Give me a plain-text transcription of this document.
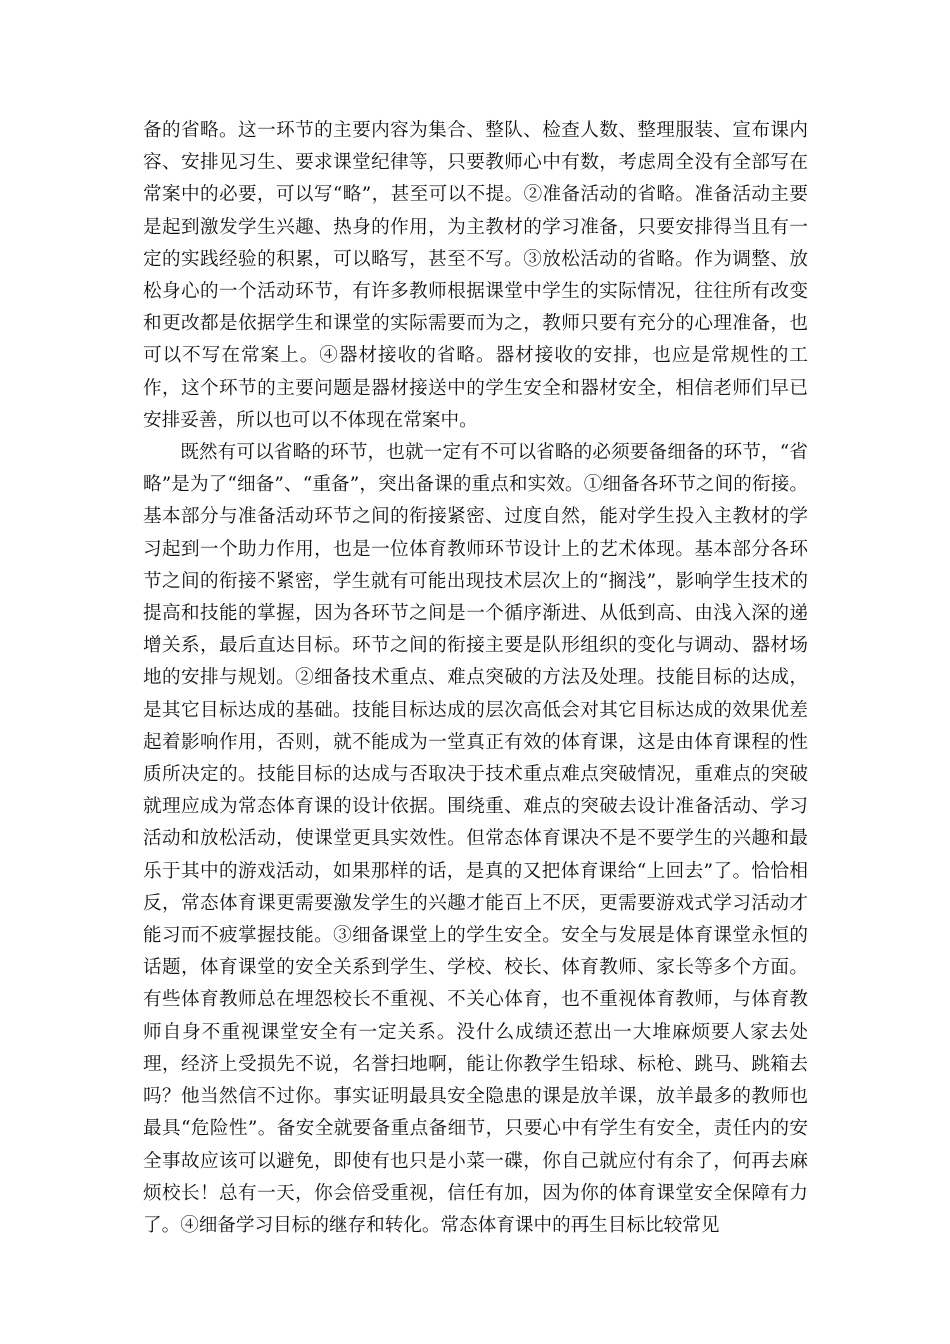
备的省略。这一环节的主要内容为集合、整队、检查人数、整理服装、宣布课内容、安排见习生、要求课堂纪律等，只要教师心中有数，考虑周全没有全部写在常案中的必要，可以写“略”，甚至可以不提。②准备活动的省略。准备活动主要是起到激发学生兴趣、热身的作用，为主教材的学习准备，只要安排得当且有一定的实践经验的积累，可以略写，甚至不写。③放松活动的省略。作为调整、放松身心的一个活动环节，有许多教师根据课堂中学生的实际情况，往往所有改变和更改都是依据学生和课堂的实际需要而为之，教师只要有充分的心理准备，也可以不写在常案上。④器材接收的省略。器材接收的安排，也应是常规性的工作，这个环节的主要问题是器材接送中的学生安全和器材安全，相信老师们早已安排妥善，所以也可以不体现在常案中。

既然有可以省略的环节，也就一定有不可以省略的必须要备细备的环节，“省略”是为了“细备”、“重备”，突出备课的重点和实效。①细备各环节之间的衔接。基本部分与准备活动环节之间的衔接紧密、过度自然，能对学生投入主教材的学习起到一个助力作用，也是一位体育教师环节设计上的艺术体现。基本部分各环节之间的衔接不紧密，学生就有可能出现技术层次上的“搁浅”，影响学生技术的提高和技能的掌握，因为各环节之间是一个循序渐进、从低到高、由浅入深的递增关系，最后直达目标。环节之间的衔接主要是队形组织的变化与调动、器材场地的安排与规划。②细备技术重点、难点突破的方法及处理。技能目标的达成，是其它目标达成的基础。技能目标达成的层次高低会对其它目标达成的效果优差起着影响作用，否则，就不能成为一堂真正有效的体育课，这是由体育课程的性质所决定的。技能目标的达成与否取决于技术重点难点突破情况，重难点的突破就理应成为常态体育课的设计依据。围绕重、难点的突破去设计准备活动、学习活动和放松活动，使课堂更具实效性。但常态体育课决不是不要学生的兴趣和最乐于其中的游戏活动，如果那样的话，是真的又把体育课给“上回去”了。恰恰相反，常态体育课更需要激发学生的兴趣才能百上不厌，更需要游戏式学习活动才能习而不疲掌握技能。③细备课堂上的学生安全。安全与发展是体育课堂永恒的话题，体育课堂的安全关系到学生、学校、校长、体育教师、家长等多个方面。有些体育教师总在埋怨校长不重视、不关心体育，也不重视体育教师，与体育教师自身不重视课堂安全有一定关系。没什么成绩还惹出一大堆麻烦要人家去处理，经济上受损先不说，名誉扫地啊，能让你教学生铅球、标枪、跳马、跳箱去吗？他当然信不过你。事实证明最具安全隐患的课是放羊课，放羊最多的教师也最具“危险性”。备安全就要备重点备细节，只要心中有学生有安全，责任内的安全事故应该可以避免，即使有也只是小菜一碟，你自己就应付有余了，何再去麻烦校长！总有一天，你会倍受重视，信任有加，因为你的体育课堂安全保障有力了。④细备学习目标的继存和转化。常态体育课中的再生目标比较常见
